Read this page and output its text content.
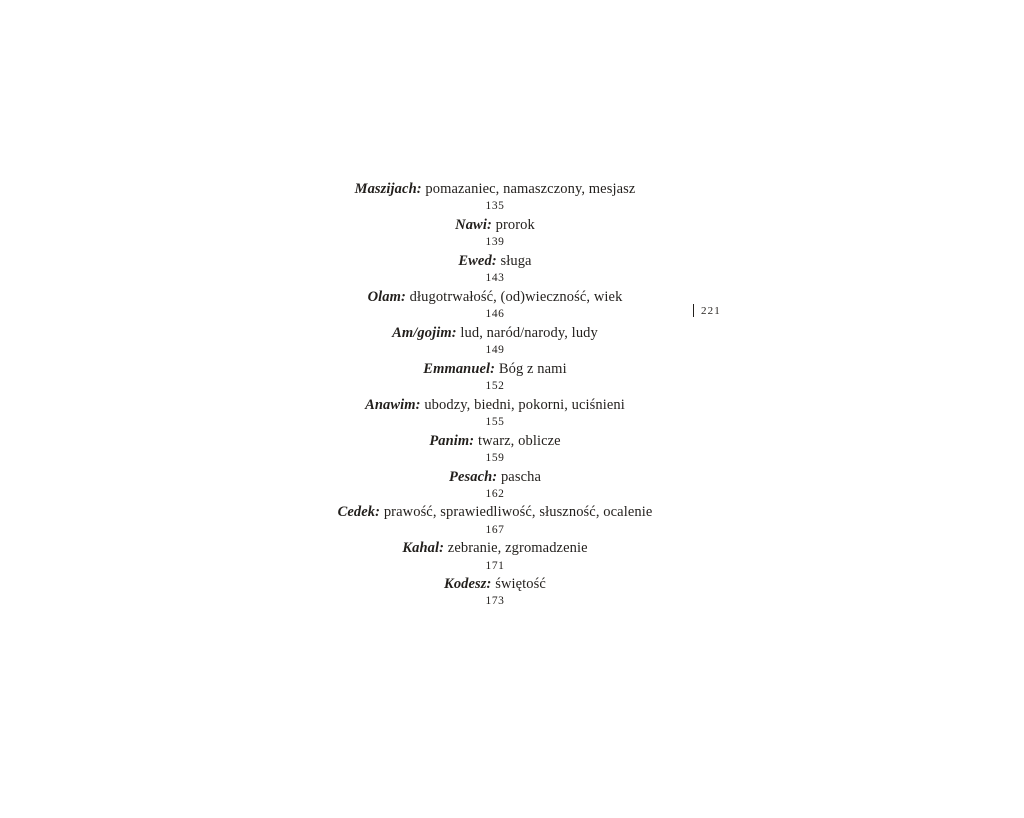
Maszijach: pomazaniec, namaszczony, mesjasz
135
Nawi: prorok
139
Ewed: sługa
143
Olam: długotrwałość, (od)wieczność, wiek
146
Am/gojim: lud, naród/narody, ludy
149
Emmanuel: Bóg z nami
152
Anawim: ubodzy, biedni, pokorni, uciśnieni
155
Panim: twarz, oblicze
159
Pesach: pascha
162
Cedek: prawość, sprawiedliwość, słuszność, ocalenie
167
Kahal: zebranie, zgromadzenie
171
Kodesz: świętość
173
221
